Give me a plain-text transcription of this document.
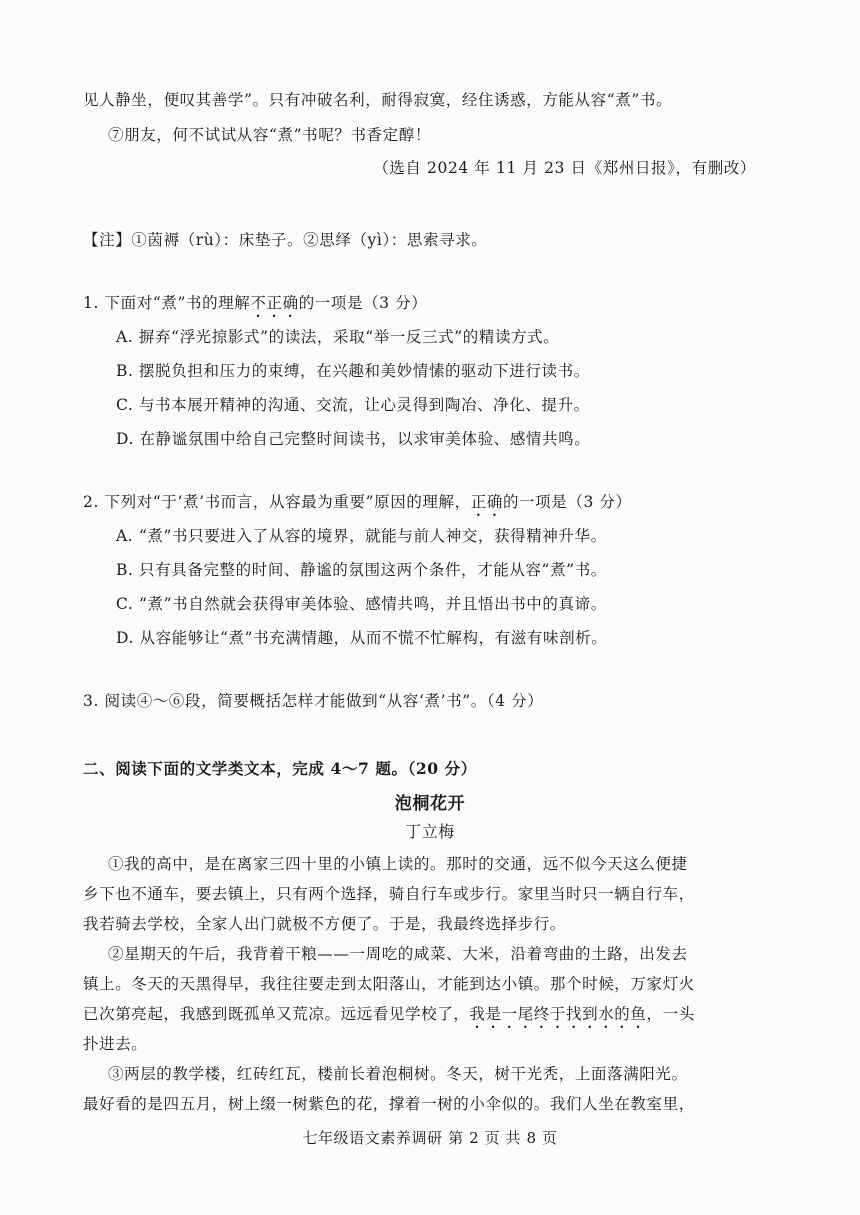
见人静坐，便叹其善学”。只有冲破名利，耐得寂寞，经住诱惑，方能从容“煮”书。
⑦朋友，何不试试从容“煮”书呢？书香定醇！
（选自 2024 年 11 月 23 日《郑州日报》，有删改）
【注】①茵褥（rù）：床垫子。②思绎（yì）：思索寻求。
1. 下面对“煮”书的理解不正确的一项是（3 分）
A. 摒弃“浮光掠影式”的读法，采取“举一反三式”的精读方式。
B. 摆脱负担和压力的束缚，在兴趣和美妙情愫的驱动下进行读书。
C. 与书本展开精神的沟通、交流，让心灵得到陶冶、净化、提升。
D. 在静谧氛围中给自己完整时间读书，以求审美体验、感情共鸣。
2. 下列对“于‘煮’书而言，从容最为重要”原因的理解，正确的一项是（3 分）
A. “煮”书只要进入了从容的境界，就能与前人神交，获得精神升华。
B. 只有具备完整的时间、静谧的氛围这两个条件，才能从容“煮”书。
C. “煮”书自然就会获得审美体验、感情共鸣，并且悟出书中的真谛。
D. 从容能够让“煮”书充满情趣，从而不慌不忙解构，有滋有味剖析。
3. 阅读④～⑥段，简要概括怎样才能做到“从容‘煮’书”。（4 分）
二、阅读下面的文学类文本，完成 4～7 题。（20 分）
泡桐花开
丁立梅
①我的高中，是在离家三四十里的小镇上读的。那时的交通，远不似今天这么便捷
乡下也不通车，要去镇上，只有两个选择，骑自行车或步行。家里当时只一辆自行车，
我若骑去学校，全家人出门就极不方便了。于是，我最终选择步行。
②星期天的午后，我背着干粮——一周吃的咸菜、大米，沿着弯曲的土路，出发去
镇上。冬天的天黑得早，我往往要走到太阳落山，才能到达小镇。那个时候，万家灯火
已次第亮起，我感到既孤单又荒凉。远远看见学校了，我是一尾终于找到水的鱼，一头
扑进去。
③两层的教学楼，红砖红瓦，楼前长着泡桐树。冬天，树干光秃，上面落满阳光。
最好看的是四五月，树上缀一树紫色的花，撑着一树的小伞似的。我们人坐在教室里，
七年级语文素养调研 第 2 页 共 8 页
